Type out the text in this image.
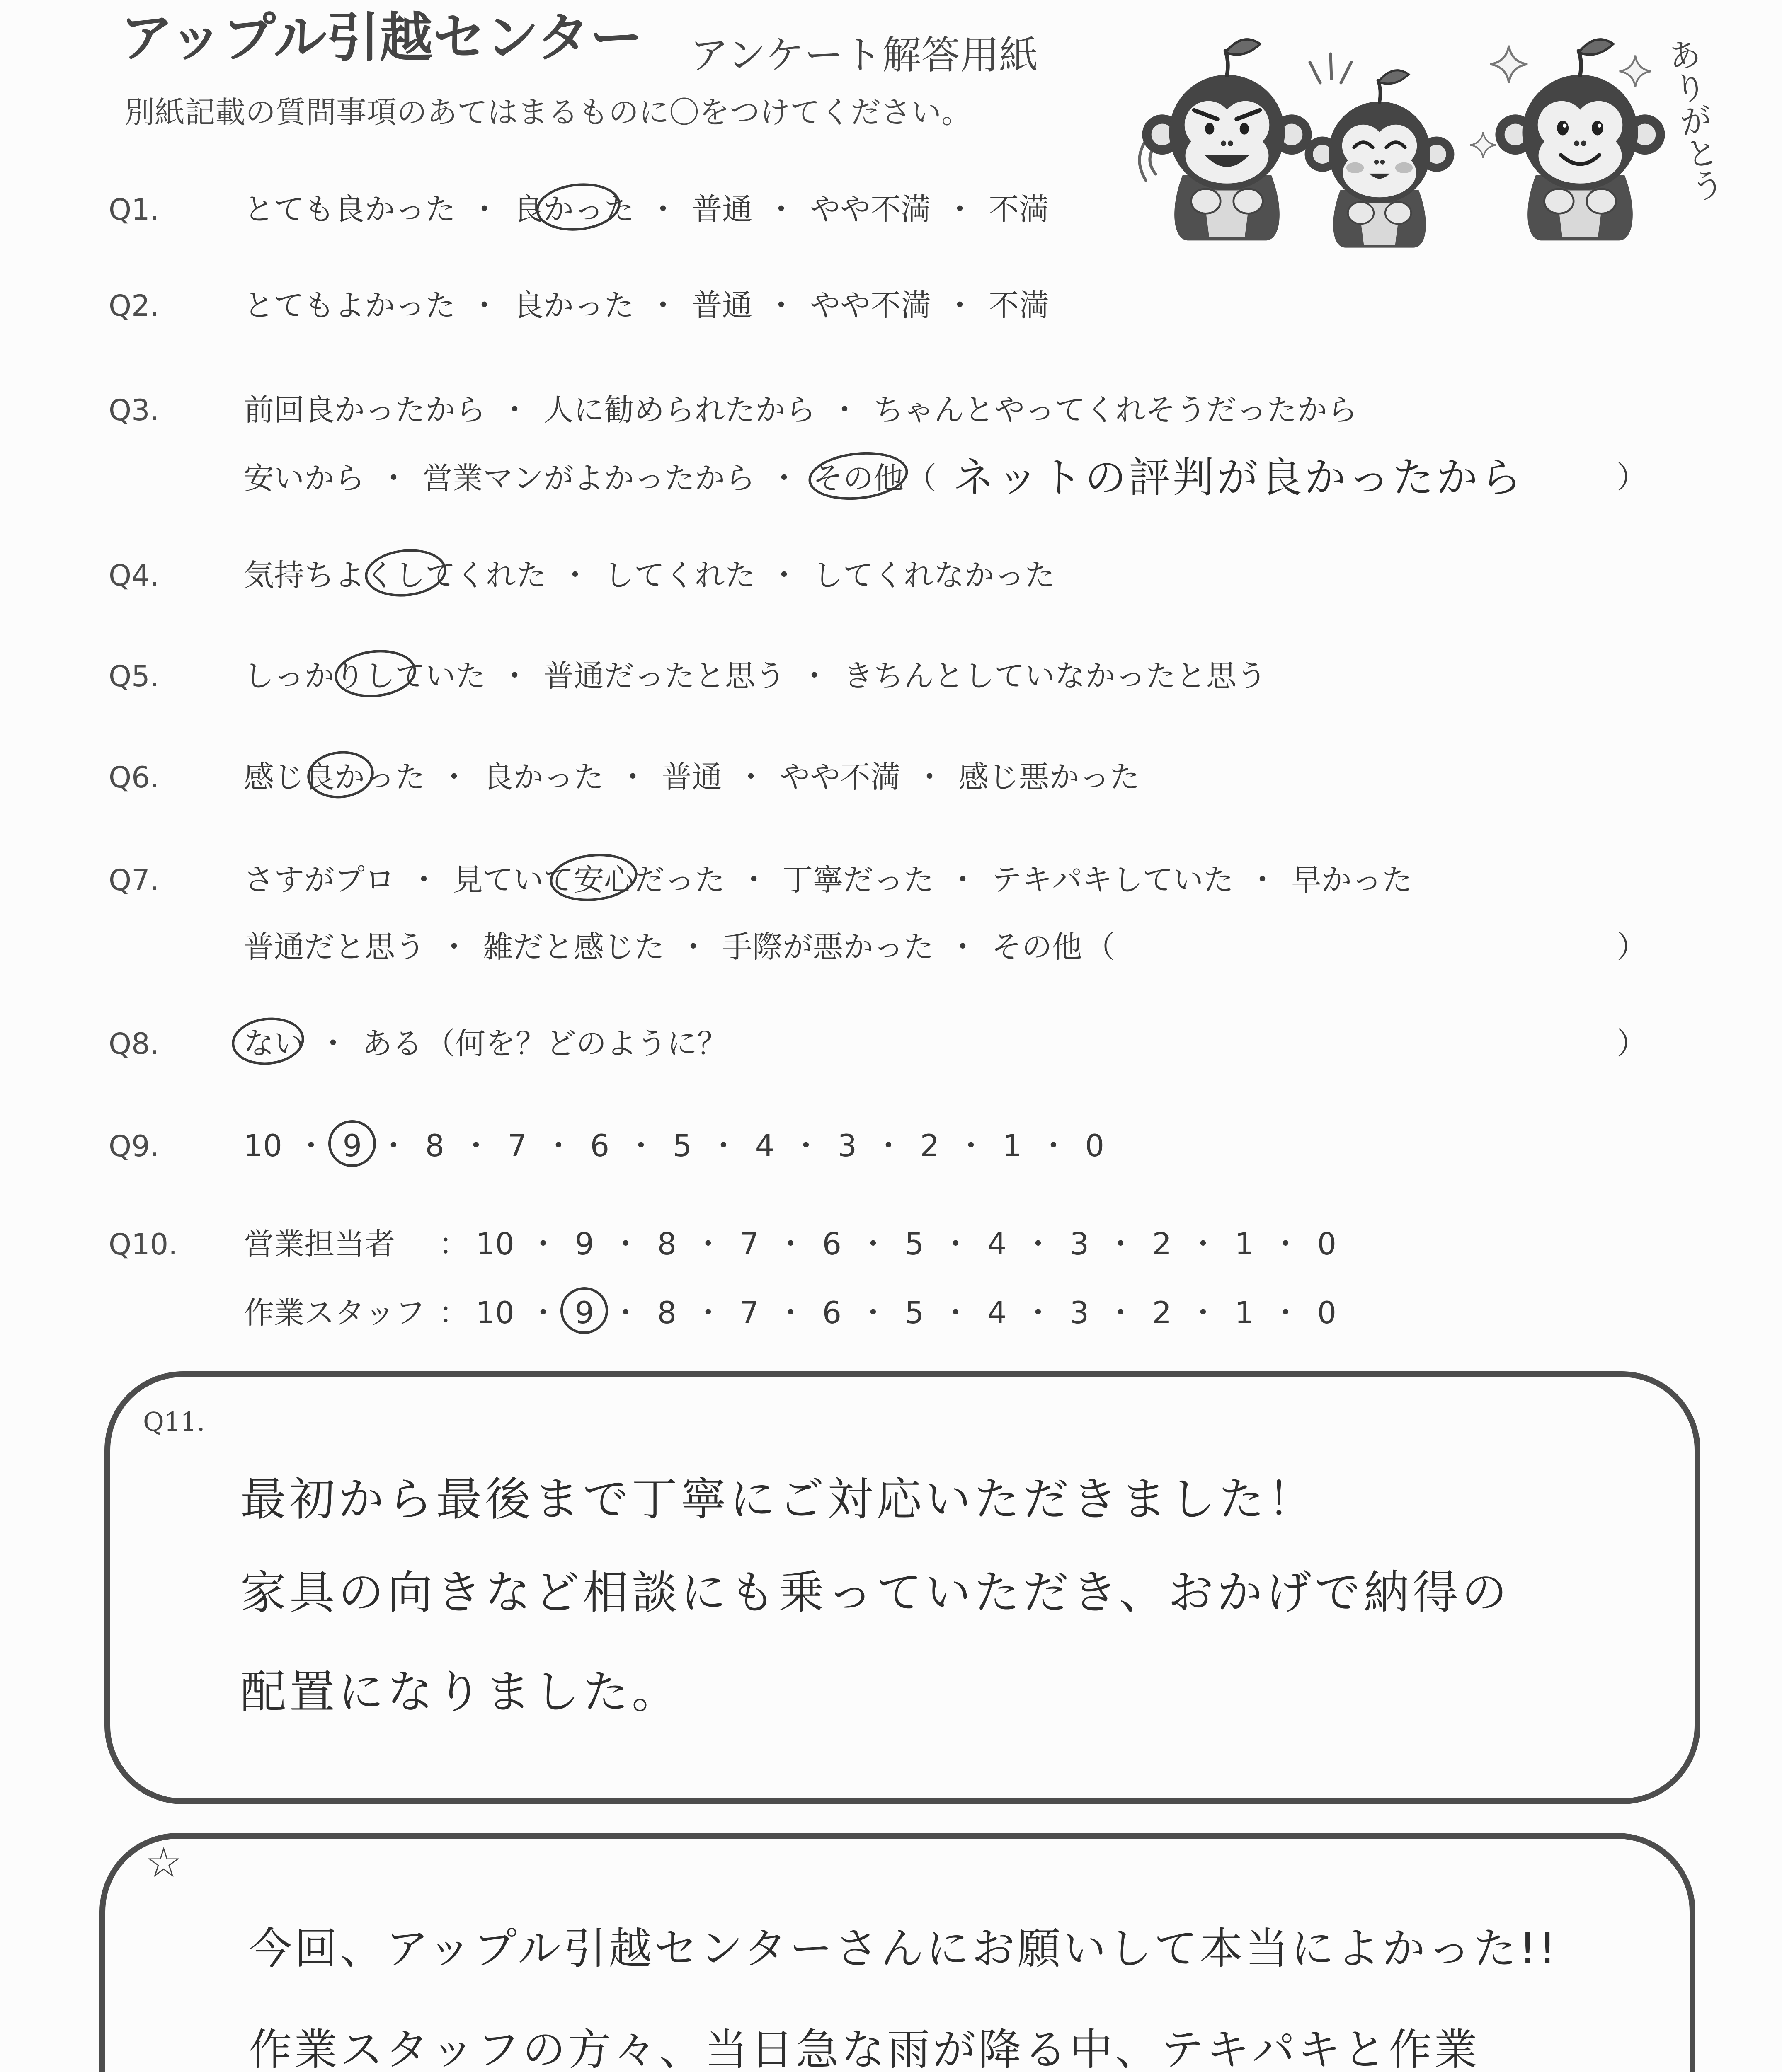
アップル引越センター アンケート解答用紙
別紙記載の質問事項のあてはまるものに〇をつけてください。	ありがとう
Q1.	とても良かった ・ 良かった ・ 普通 ・ やや不満 ・ 不満
Q2.	とてもよかった ・ 良かった ・ 普通 ・ やや不満 ・ 不満
Q3.	前回良かったから ・ 人に勧められたから ・ ちゃんとやってくれそうだったから
安いから ・ 営業マンがよかったから ・ その他（ ネットの評判が良かったから	）
Q4.	気持ちよくしてくれた ・ してくれた ・ してくれなかった
Q5.	しっかりしていた ・ 普通だったと思う ・ きちんとしていなかったと思う
Q6.	感じ良かった ・ 良かった ・ 普通 ・ やや不満 ・ 感じ悪かった
Q7.	さすがプロ ・ 見ていて安心だった ・ 丁寧だった ・ テキパキしていた ・ 早かった
普通だと思う ・ 雑だと感じた ・ 手際が悪かった ・ その他（	）
Q8.	ない ・ ある（何を？どのように？	）
Q9.	10 ・ 9 ・ 8 ・ 7 ・ 6 ・ 5 ・ 4 ・ 3 ・ 2 ・ 1 ・ 0
Q10. 営業担当者 ： 10 ・ 9 ・ 8 ・ 7 ・ 6 ・ 5 ・ 4 ・ 3 ・ 2 ・ 1 ・ 0
作業スタッフ ： 10 ・ 9 ・ 8 ・ 7 ・ 6 ・ 5 ・ 4 ・ 3 ・ 2 ・ 1 ・ 0
Q11.
最初から最後まで丁寧にご対応いただきました！
家具の向きなど相談にも乗っていただき、おかげで納得の
配置になりました。
☆
今回、アップル引越センターさんにお願いして本当によかった!!
作業スタッフの方々、当日急な雨が降る中、テキパキと作業
